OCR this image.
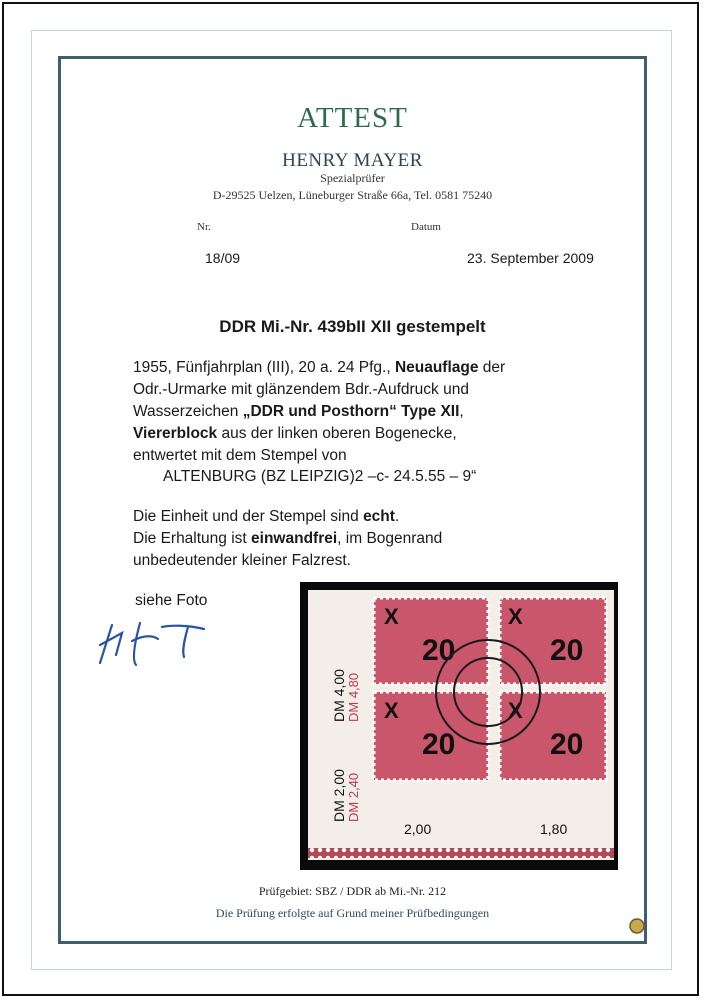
ATTEST
HENRY MAYER
Spezialprüfer
D-29525 Uelzen, Lüneburger Straße 66a, Tel. 0581 75240
Nr.	Datum
18/09	23. September 2009
DDR Mi.-Nr. 439bII XII gestempelt
1955, Fünfjahrplan (III), 20 a. 24 Pfg., Neuauflage der
Odr.-Urmarke mit glänzendem Bdr.-Aufdruck und
Wasserzeichen „DDR und Posthorn“ Type XII,
Viererblock aus der linken oberen Bogenecke,
entwertet mit dem Stempel von
ALTENBURG (BZ LEIPZIG)2 –c- 24.5.55 – 9“
Die Einheit und der Stempel sind echt.
Die Erhaltung ist einwandfrei, im Bogenrand
unbedeutender kleiner Falzrest.
siehe Foto
DM 4,00 DM 4,80
DM 2,00 DM 2,40
X
20
X
20
X
20
X
20
2,00	1,80
Prüfgebiet: SBZ / DDR ab Mi.-Nr. 212
Die Prüfung erfolgte auf Grund meiner Prüfbedingungen
